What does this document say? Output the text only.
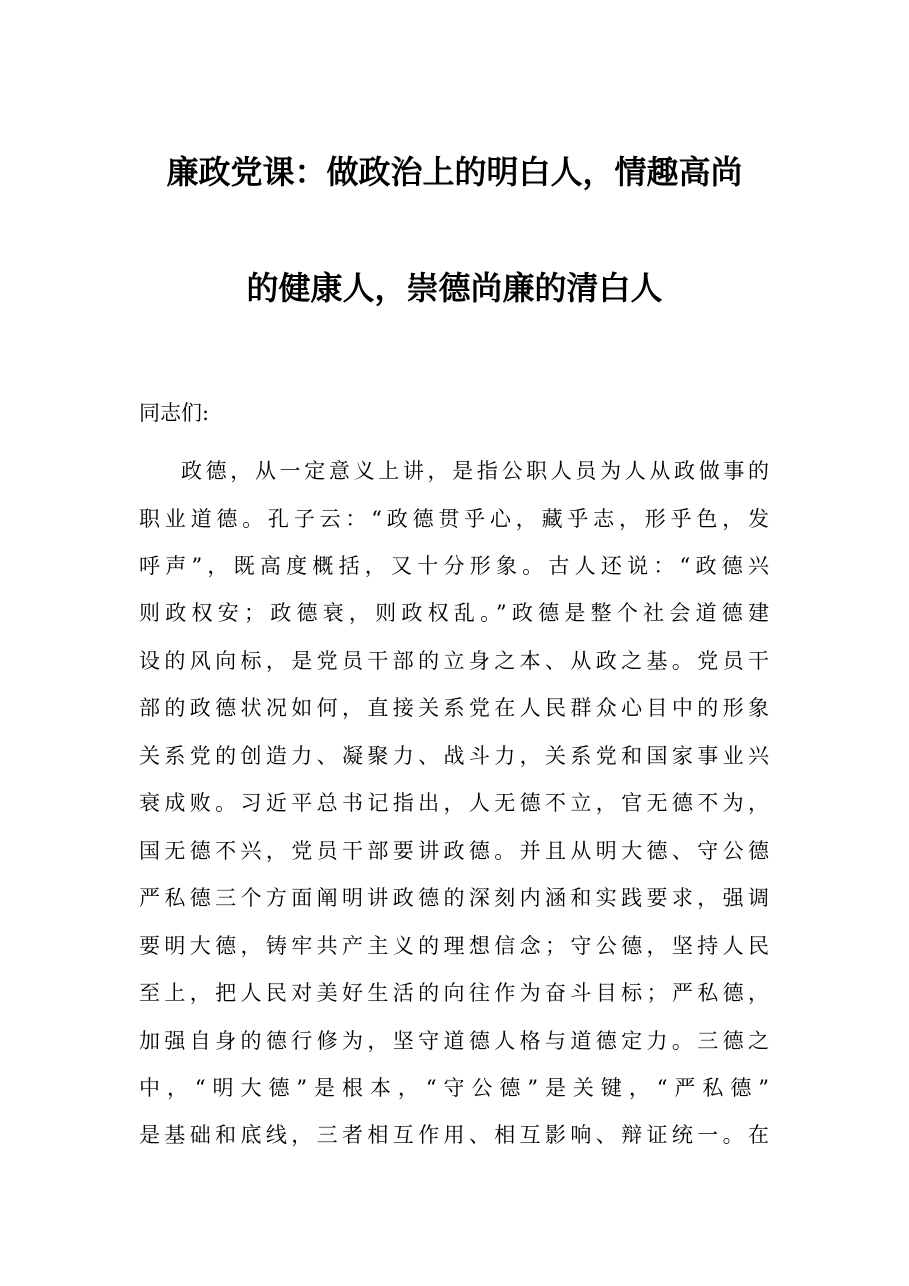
廉政党课：做政治上的明白人，情趣高尚
的健康人，崇德尚廉的清白人

同志们:

政德，从一定意义上讲，是指公职人员为人从政做事的

职业道德。孔子云：“政德贯乎心，藏乎志，形乎色，发

呼声”，既高度概括，又十分形象。古人还说：“政德兴

则政权安；政德衰，则政权乱。”政德是整个社会道德建

设的风向标，是党员干部的立身之本、从政之基。党员干

部的政德状况如何，直接关系党在人民群众心目中的形象

关系党的创造力、凝聚力、战斗力，关系党和国家事业兴

衰成败。习近平总书记指出，人无德不立，官无德不为，

国无德不兴，党员干部要讲政德。并且从明大德、守公德

严私德三个方面阐明讲政德的深刻内涵和实践要求，强调

要明大德，铸牢共产主义的理想信念；守公德，坚持人民

至上，把人民对美好生活的向往作为奋斗目标；严私德，

加强自身的德行修为，坚守道德人格与道德定力。三德之

中，“明大德”是根本，“守公德”是关键，“严私德”

是基础和底线，三者相互作用、相互影响、辩证统一。在
